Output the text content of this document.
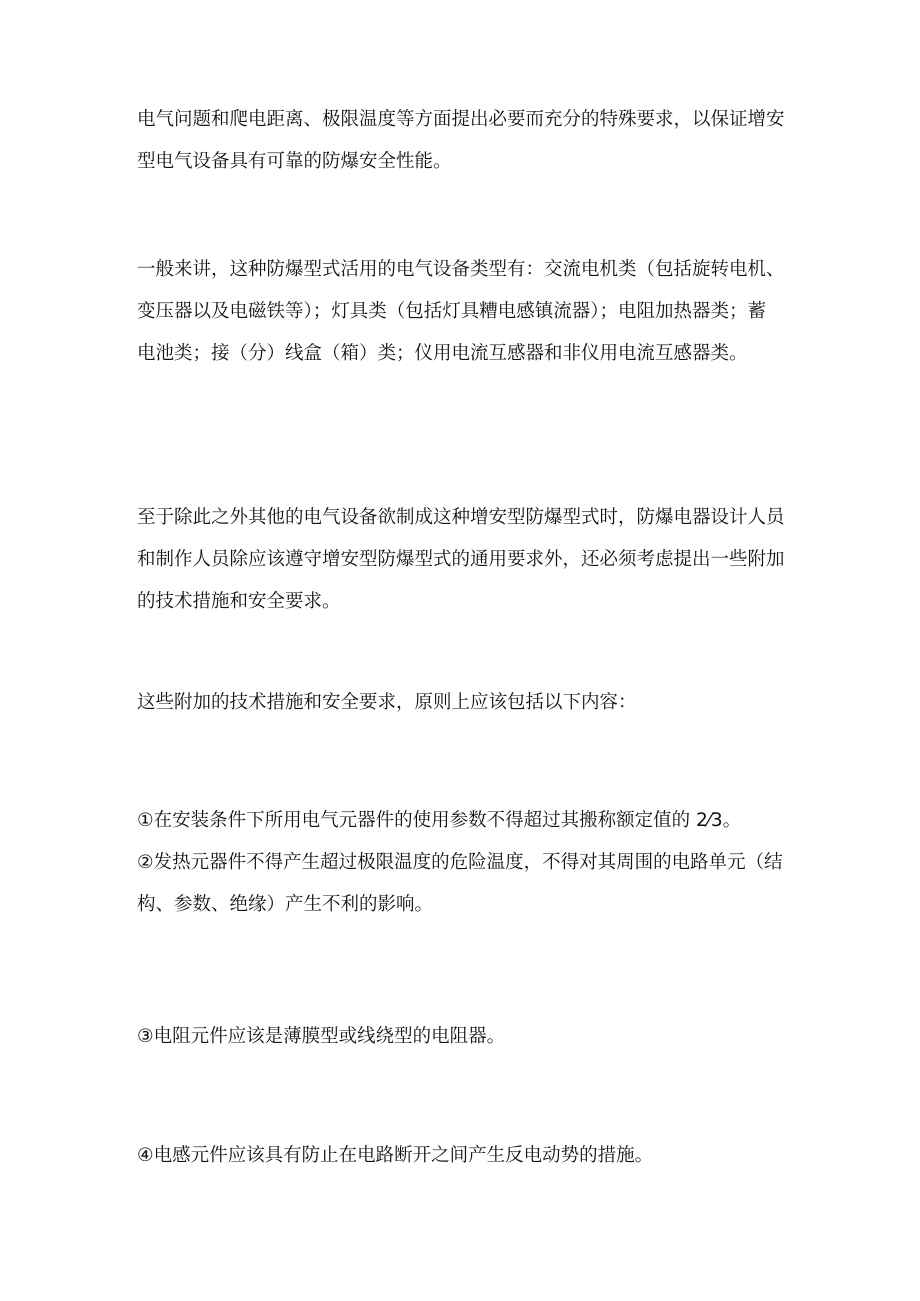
电气问题和爬电距离、极限温度等方面提出必要而充分的特殊要求，以保证增安
型电气设备具有可靠的防爆安全性能。

一般来讲，这种防爆型式活用的电气设备类型有：交流电机类（包括旋转电机、
变压器以及电磁铁等）；灯具类（包括灯具糟电感镇流器）；电阻加热器类；蓄
电池类；接（分）线盒（箱）类；仪用电流互感器和非仪用电流互感器类。

至于除此之外其他的电气设备欲制成这种增安型防爆型式时，防爆电器设计人员
和制作人员除应该遵守增安型防爆型式的通用要求外，还必须考虑提出一些附加
的技术措施和安全要求。

这些附加的技术措施和安全要求，原则上应该包括以下内容：

①在安装条件下所用电气元器件的使用参数不得超过其搬称额定值的 2⁄3。
②发热元器件不得产生超过极限温度的危险温度，不得对其周围的电路单元（结
构、参数、绝缘）产生不利的影响。

③电阻元件应该是薄膜型或线绕型的电阻器。

④电感元件应该具有防止在电路断开之间产生反电动势的措施。
